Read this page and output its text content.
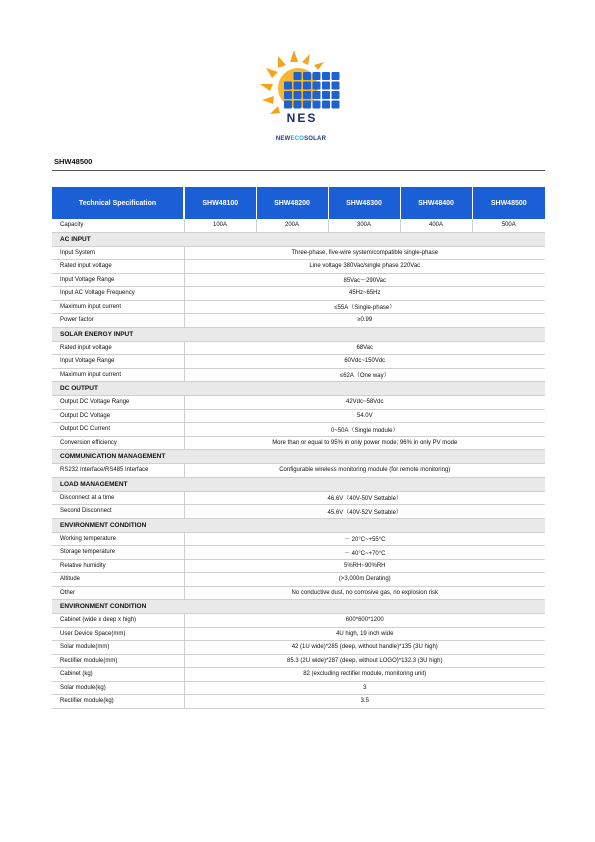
NES
NEWECOSOLAR
SHW48500
Technical Specification	SHW48100	SHW48200	SHW48300	SHW48400	SHW48500
Capacity	100A	200A	300A	400A	500A
AC INPUT					
Input System	Three-phase, five-wire system/compatible single-phase				
Rated input voltage	Line voltage 380Vac/single phase 220Vac				
Input Voltage Range	85Vac～290Vac				
Input AC Voltage Frequency	45Hz~65Hz				
Maximum input current	≤55A（Single-phase）				
Power factor	≥0.99				
SOLAR ENERGY INPUT					
Rated input voltage	68Vac				
Input Voltage Range	60Vdc~150Vdc				
Maximum input current	≤62A（One way）				
DC OUTPUT					
Output DC Voltage Range	42Vdc~58Vdc				
Output DC Voltage	54.0V				
Output DC Current	0~50A（Single module）				
Conversion efficiency	More than or equal to 95% in only power mode; 96% in only PV mode				
COMMUNICATION MANAGEMENT					
RS232 Interface/RS485 Interface	Configurable wireless monitoring module (for remote monitoring)				
LOAD MANAGEMENT					
Disconnect at a time	46.6V（40V-50V Settable）				
Second Disconnect	45.6V（40V-52V Settable）				
ENVIRONMENT CONDITION					
Working temperature	－ 20°C~+55°C				
Storage temperature	－ 40°C~+70°C				
Relative humidity	5%RH~90%RH				
Altitude	(>3,000m Derating)				
Other	No conductive dust, no corrosive gas, no explosion risk				
ENVIRONMENT CONDITION					
Cabinet (wide x deep x high)	600*600*1200				
User Device Space(mm)	4U high, 19 inch wide				
Solar module(mm)	42 (1U wide)*285 (deep, without handle)*135 (3U high)				
Rectifier module(mm)	85.3 (2U wide)*287 (deep, without LOGO)*132.3 (3U high)				
Cabinet (kg)	82 (excluding rectifier module, monitoring unit)				
Solar module(kg)	3				
Rectifier module(kg)	3.5				
